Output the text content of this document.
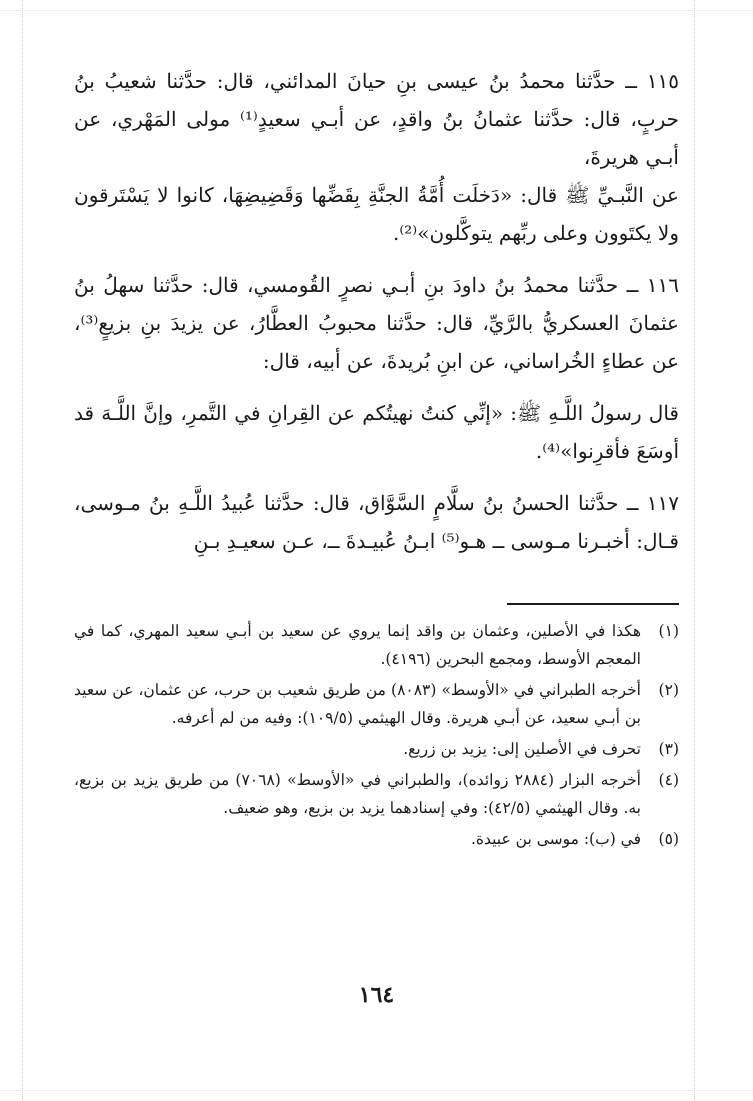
١١٥ ــ حدَّثنا محمدُ بنُ عيسى بنِ حيانَ المدائني، قال: حدَّثنا شعيبُ بنُ حربٍ، قال: حدَّثنا عثمانُ بنُ واقدٍ، عن أبـي سعيدٍ⁽¹⁾ مولى المَهْري، عن أبـي هريرةَ،

عن النَّبـيِّ ﷺ قال: «دَخلَت أُمَّةُ الجنَّةِ بِقَضِّها وَقَضِيضِهَا، كانوا لا يَسْتَرقون ولا يكتَوون وعلى ربِّهم يتوكَّلون»⁽²⁾.

١١٦ ــ حدَّثنا محمدُ بنُ داودَ بنِ أبـي نصرٍ القُومسي، قال: حدَّثنا سهلُ بنُ عثمانَ العسكريُّ بالرَّيِّ، قال: حدَّثنا محبوبُ العطَّارُ، عن يزيدَ بنِ بزيعٍ⁽³⁾، عن عطاءٍ الخُراساني، عن ابنِ بُريدةَ، عن أبيه، قال:

قال رسولُ اللَّـهِ ﷺ: «إنِّي كنتُ نهيتُكم عن القِرانِ في التَّمرِ، وإنَّ اللَّـهَ قد أوسَعَ فأقرِنوا»⁽⁴⁾.

١١٧ ــ حدَّثنا الحسنُ بنُ سلَّامٍ السَّوَّاق، قال: حدَّثنا عُبيدُ اللَّـهِ بنُ مـوسى، قـال: أخبـرنا مـوسى ــ هـو⁽⁵⁾ ابـنُ عُبيـدةَ ــ، عـن سعيـدِ بـنِ

(١)
هكذا في الأصلين، وعثمان بن واقد إنما يروي عن سعيد بن أبـي سعيد المهري، كما في المعجم الأوسط، ومجمع البحرين (٤١٩٦).
(٢)
أخرجه الطبراني في «الأوسط» (٨٠٨٣) من طريق شعيب بن حرب، عن عثمان، عن سعيد بن أبـي سعيد، عن أبـي هريرة. وقال الهيثمي (١٠٩/٥): وفيه من لم أعرفه.
(٣)
تحرف في الأصلين إلى: يزيد بن زريع.
(٤)
أخرجه البزار (٢٨٨٤ زوائده)، والطبراني في «الأوسط» (٧٠٦٨) من طريق يزيد بن بزيع، به. وقال الهيثمي (٤٢/٥): وفي إسنادهما يزيد بن بزيع، وهو ضعيف.
(٥)
في (ب): موسى بن عبيدة.
١٦٤
